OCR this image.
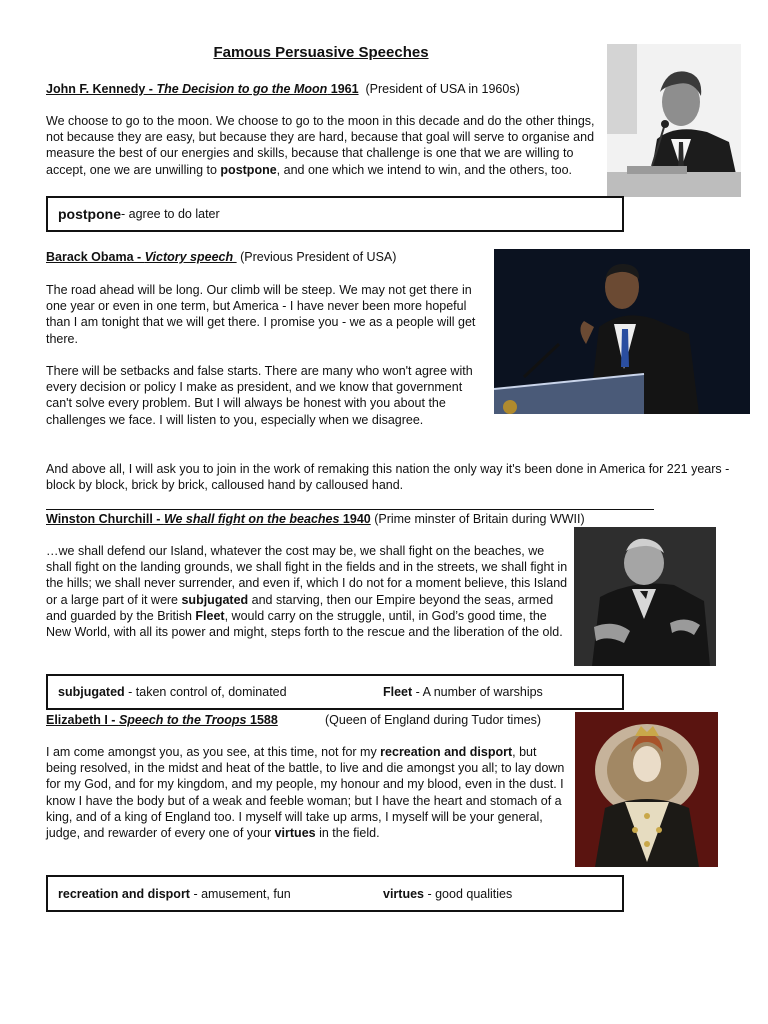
Famous Persuasive Speeches
John F. Kennedy - The Decision to go the Moon 1961 (President of USA in 1960s)
We choose to go to the moon. We choose to go to the moon in this decade and do the other things, not because they are easy, but because they are hard, because that goal will serve to organise and measure the best of our energies and skills, because that challenge is one that we are willing to accept, one we are unwilling to postpone, and one which we intend to win, and the others, too.
postpone - agree to do later
Barack Obama - Victory speech  (Previous President of USA)
The road ahead will be long. Our climb will be steep. We may not get there in one year or even in one term, but America - I have never been more hopeful than I am tonight that we will get there. I promise you - we as a people will get there.
There will be setbacks and false starts. There are many who won't agree with every decision or policy I make as president, and we know that government can't solve every problem. But I will always be honest with you about the challenges we face. I will listen to you, especially when we disagree.
And above all, I will ask you to join in the work of remaking this nation the only way it's been done in America for 221 years - block by block, brick by brick, calloused hand by calloused hand.
Winston Churchill - We shall fight on the beaches 1940 (Prime minster of Britain during WWII)
…we shall defend our Island, whatever the cost may be, we shall fight on the beaches, we shall fight on the landing grounds, we shall fight in the fields and in the streets, we shall fight in the hills; we shall never surrender, and even if, which I do not for a moment believe, this Island or a large part of it were subjugated and starving, then our Empire beyond the seas, armed and guarded by the British Fleet, would carry on the struggle, until, in God’s good time, the New World, with all its power and might, steps forth to the rescue and the liberation of the old.
subjugated - taken control of, dominated	Fleet - A number of warships
Elizabeth I - Speech to the Troops 1588	(Queen of England during Tudor times)
I am come amongst you, as you see, at this time, not for my recreation and disport, but being resolved, in the midst and heat of the battle, to live and die amongst you all; to lay down for my God, and for my kingdom, and my people, my honour and my blood, even in the dust. I know I have the body but of a weak and feeble woman; but I have the heart and stomach of a king, and of a king of England too. I myself will take up arms, I myself will be your general, judge, and rewarder of every one of your virtues in the field.
recreation and disport - amusement, fun	virtues - good qualities
